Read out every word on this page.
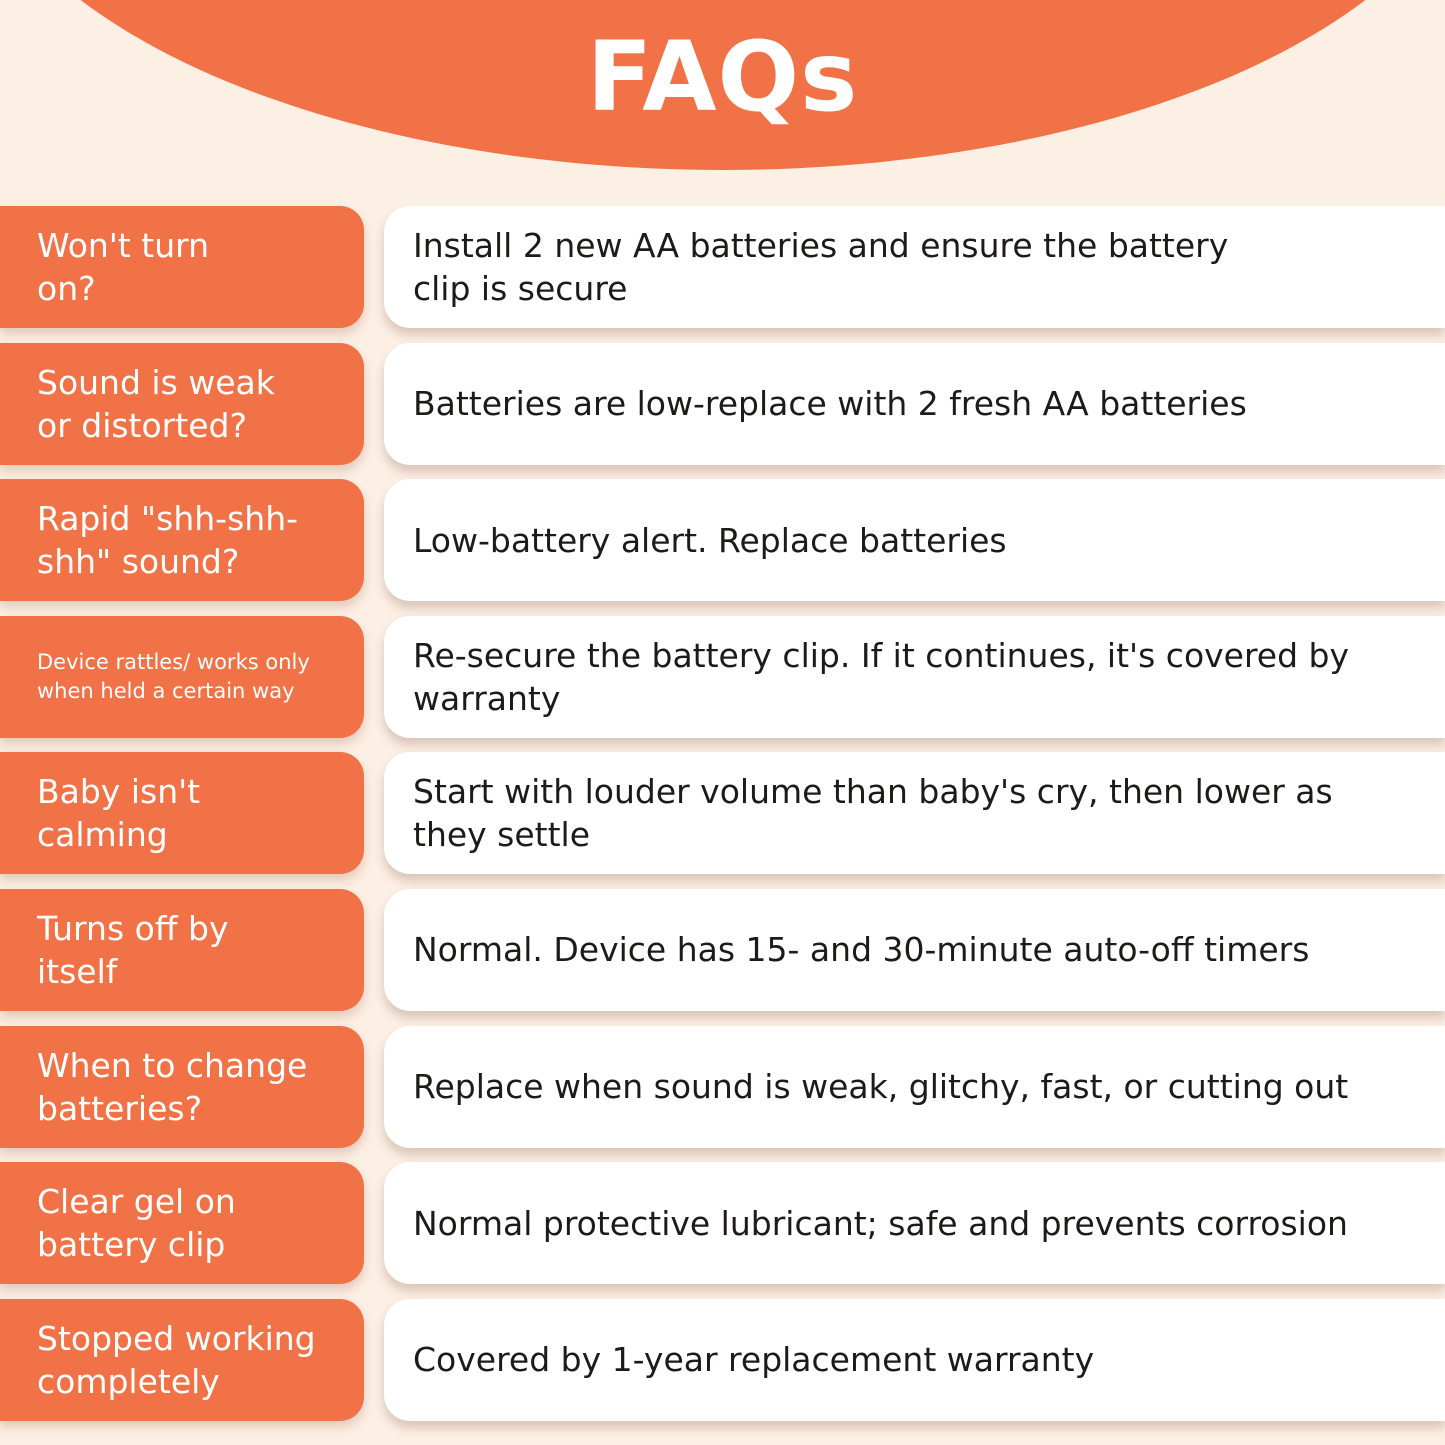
FAQs
Won't turn on?
Install 2 new AA batteries and ensure the battery clip is secure
Sound is weak or distorted?
Batteries are low-replace with 2 fresh AA batteries
Rapid "shh-shh-shh" sound?
Low-battery alert. Replace batteries
Device rattles/ works only when held a certain way
Re-secure the battery clip. If it continues, it's covered by warranty
Baby isn't calming
Start with louder volume than baby's cry, then lower as they settle
Turns off by itself
Normal. Device has 15- and 30-minute auto-off timers
When to change batteries?
Replace when sound is weak, glitchy, fast, or cutting out
Clear gel on battery clip
Normal protective lubricant; safe and prevents corrosion
Stopped working completely
Covered by 1-year replacement warranty
